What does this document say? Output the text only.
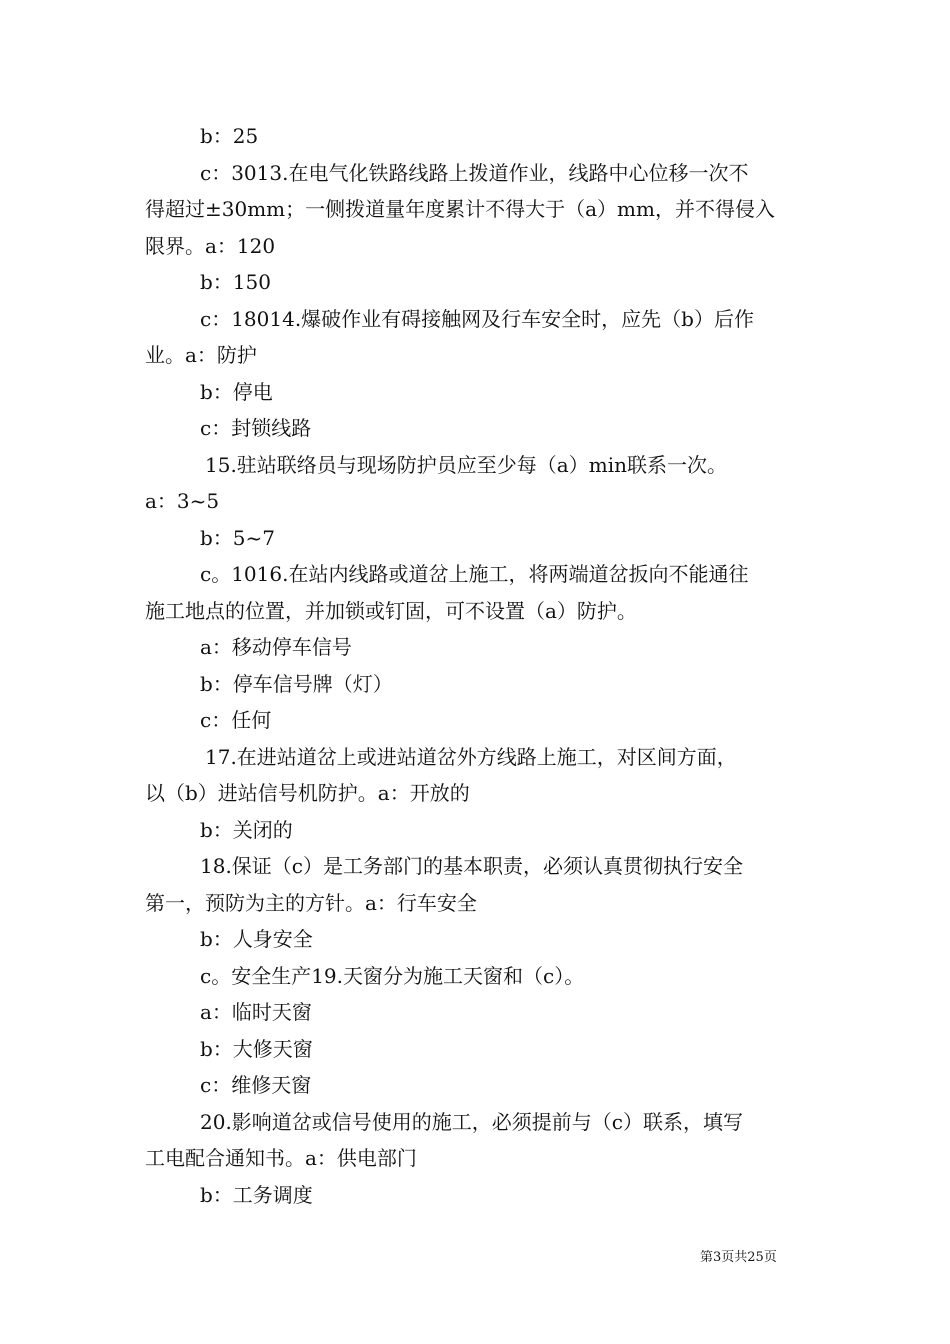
b：25
c：3013.在电气化铁路线路上拨道作业，线路中心位移一次不
得超过±30mm；一侧拨道量年度累计不得大于（a）mm，并不得侵入
限界。a：120
b：150
c：18014.爆破作业有碍接触网及行车安全时，应先（b）后作
业。a：防护
b：停电
c：封锁线路
15.驻站联络员与现场防护员应至少每（a）min联系一次。
a：3~5
b：5~7
c。1016.在站内线路或道岔上施工，将两端道岔扳向不能通往
施工地点的位置，并加锁或钉固，可不设置（a）防护。
a：移动停车信号
b：停车信号牌（灯）
c：任何
17.在进站道岔上或进站道岔外方线路上施工，对区间方面，
以（b）进站信号机防护。a：开放的
b：关闭的
18.保证（c）是工务部门的基本职责，必须认真贯彻执行安全
第一，预防为主的方针。a：行车安全
b：人身安全
c。安全生产19.天窗分为施工天窗和（c）。
a：临时天窗
b：大修天窗
c：维修天窗
20.影响道岔或信号使用的施工，必须提前与（c）联系，填写
工电配合通知书。a：供电部门
b：工务调度
第3页共25页
